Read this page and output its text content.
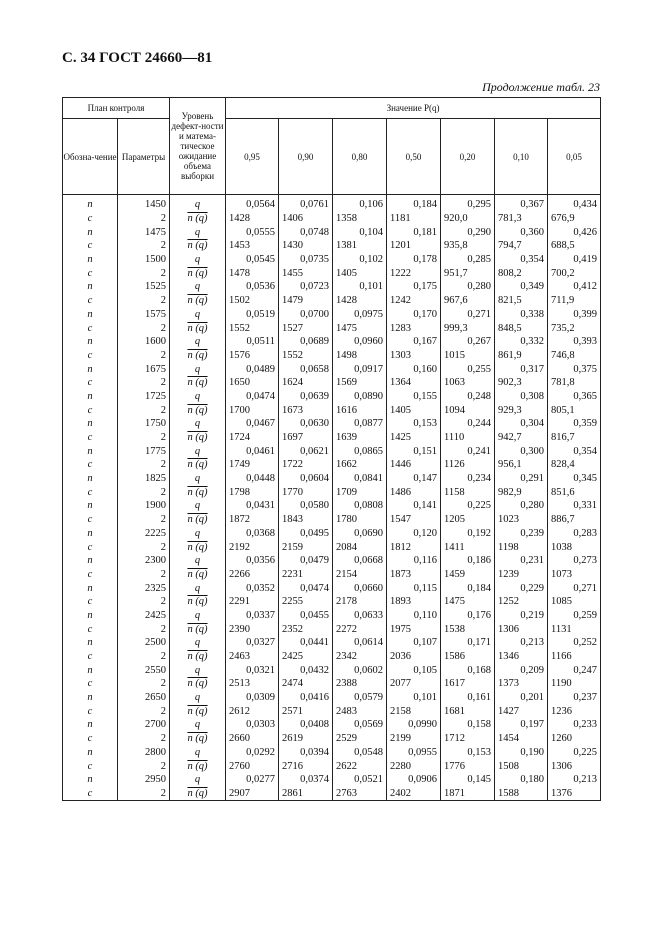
С. 34 ГОСТ 24660—81
Продолжение табл. 23
План контроля		Уровень дефект-ности и матема-тическое ожидание объема выборки	Значение P(q)						
Обозна-чение	Параметры		0,95	0,90	0,80	0,50	0,20	0,10	0,05
n	1450	q	0,0564	0,0761	0,106	0,184	0,295	0,367	0,434
c	2	n (q)	1428	1406	1358	1181	920,0	781,3	676,9
n	1475	q	0,0555	0,0748	0,104	0,181	0,290	0,360	0,426
c	2	n (q)	1453	1430	1381	1201	935,8	794,7	688,5
n	1500	q	0,0545	0,0735	0,102	0,178	0,285	0,354	0,419
c	2	n (q)	1478	1455	1405	1222	951,7	808,2	700,2
n	1525	q	0,0536	0,0723	0,101	0,175	0,280	0,349	0,412
c	2	n (q)	1502	1479	1428	1242	967,6	821,5	711,9
n	1575	q	0,0519	0,0700	0,0975	0,170	0,271	0,338	0,399
c	2	n (q)	1552	1527	1475	1283	999,3	848,5	735,2
n	1600	q	0,0511	0,0689	0,0960	0,167	0,267	0,332	0,393
c	2	n (q)	1576	1552	1498	1303	1015	861,9	746,8
n	1675	q	0,0489	0,0658	0,0917	0,160	0,255	0,317	0,375
c	2	n (q)	1650	1624	1569	1364	1063	902,3	781,8
n	1725	q	0,0474	0,0639	0,0890	0,155	0,248	0,308	0,365
c	2	n (q)	1700	1673	1616	1405	1094	929,3	805,1
n	1750	q	0,0467	0,0630	0,0877	0,153	0,244	0,304	0,359
c	2	n (q)	1724	1697	1639	1425	1110	942,7	816,7
n	1775	q	0,0461	0,0621	0,0865	0,151	0,241	0,300	0,354
c	2	n (q)	1749	1722	1662	1446	1126	956,1	828,4
n	1825	q	0,0448	0,0604	0,0841	0,147	0,234	0,291	0,345
c	2	n (q)	1798	1770	1709	1486	1158	982,9	851,6
n	1900	q	0,0431	0,0580	0,0808	0,141	0,225	0,280	0,331
c	2	n (q)	1872	1843	1780	1547	1205	1023	886,7
n	2225	q	0,0368	0,0495	0,0690	0,120	0,192	0,239	0,283
c	2	n (q)	2192	2159	2084	1812	1411	1198	1038
n	2300	q	0,0356	0,0479	0,0668	0,116	0,186	0,231	0,273
c	2	n (q)	2266	2231	2154	1873	1459	1239	1073
n	2325	q	0,0352	0,0474	0,0660	0,115	0,184	0,229	0,271
c	2	n (q)	2291	2255	2178	1893	1475	1252	1085
n	2425	q	0,0337	0,0455	0,0633	0,110	0,176	0,219	0,259
c	2	n (q)	2390	2352	2272	1975	1538	1306	1131
n	2500	q	0,0327	0,0441	0,0614	0,107	0,171	0,213	0,252
c	2	n (q)	2463	2425	2342	2036	1586	1346	1166
n	2550	q	0,0321	0,0432	0,0602	0,105	0,168	0,209	0,247
c	2	n (q)	2513	2474	2388	2077	1617	1373	1190
n	2650	q	0,0309	0,0416	0,0579	0,101	0,161	0,201	0,237
c	2	n (q)	2612	2571	2483	2158	1681	1427	1236
n	2700	q	0,0303	0,0408	0,0569	0,0990	0,158	0,197	0,233
c	2	n (q)	2660	2619	2529	2199	1712	1454	1260
n	2800	q	0,0292	0,0394	0,0548	0,0955	0,153	0,190	0,225
c	2	n (q)	2760	2716	2622	2280	1776	1508	1306
n	2950	q	0,0277	0,0374	0,0521	0,0906	0,145	0,180	0,213
c	2	n (q)	2907	2861	2763	2402	1871	1588	1376
